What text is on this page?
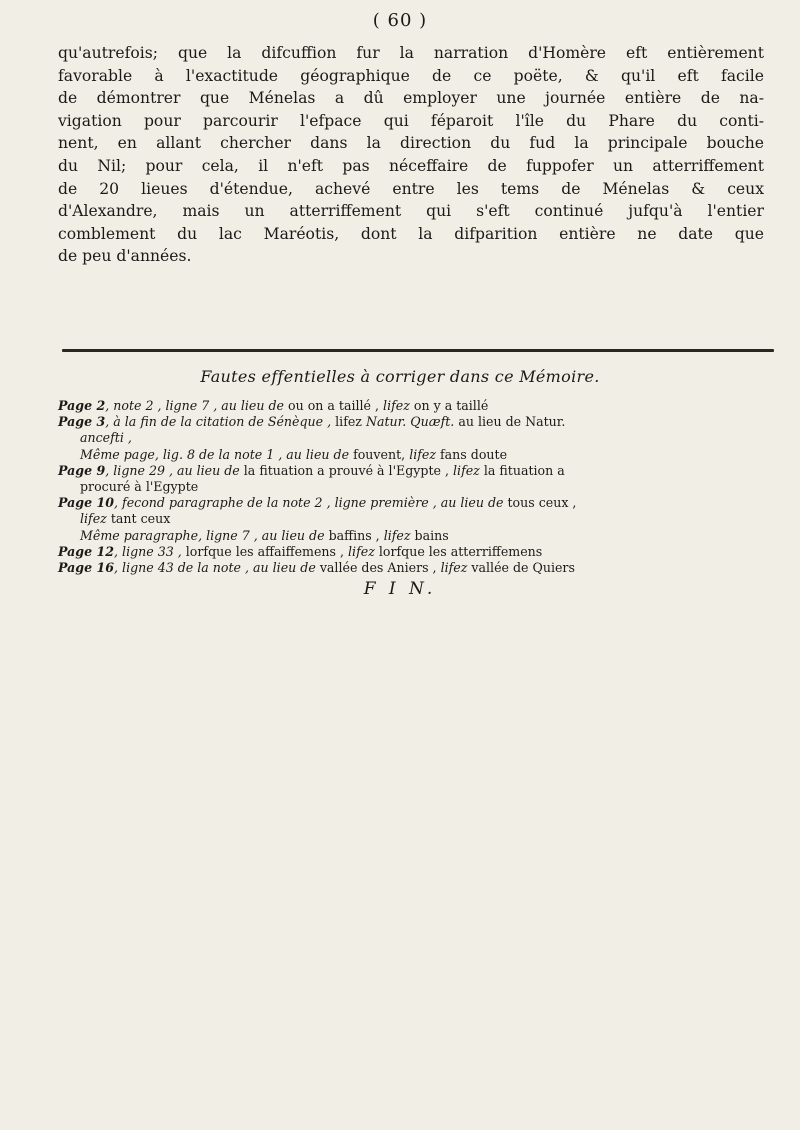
( 60 )
qu'autrefois; que la difcuffion fur la narration d'Homère eft entièrement
favorable à l'exactitude géographique de ce poëte, & qu'il eft facile
de démontrer que Ménelas a dû employer une journée entière de na-
vigation pour parcourir l'efpace qui féparoit l'île du Phare du conti-
nent, en allant chercher dans la direction du fud la principale bouche
du Nil; pour cela, il n'eft pas néceffaire de fuppofer un atterriffement
de 20 lieues d'étendue, achevé entre les tems de Ménelas & ceux
d'Alexandre, mais un atterriffement qui s'eft continué jufqu'à l'entier
comblement du lac Maréotis, dont la difparition entière ne date que
de peu d'années.
Fautes effentielles à corriger dans ce Mémoire.
Page 2, note 2 , ligne 7 , au lieu de ou on a taillé , lifez on y a taillé
Page 3, à la fin de la citation de Sénèque , lifez Natur. Quæft. au lieu de Natur.
ancefti ,
Même page, lig. 8 de la note 1 , au lieu de fouvent, lifez fans doute
Page 9, ligne 29 , au lieu de la fituation a prouvé à l'Egypte , lifez la fituation a
procuré à l'Egypte
Page 10, fecond paragraphe de la note 2 , ligne première , au lieu de tous ceux ,
lifez tant ceux
Même paragraphe, ligne 7 , au lieu de baffins , lifez bains
Page 12, ligne 33 , lorfque les affaiffemens , lifez lorfque les atterriffemens
Page 16, ligne 43 de la note , au lieu de vallée des Aniers , lifez vallée de Quiers
F I N.
